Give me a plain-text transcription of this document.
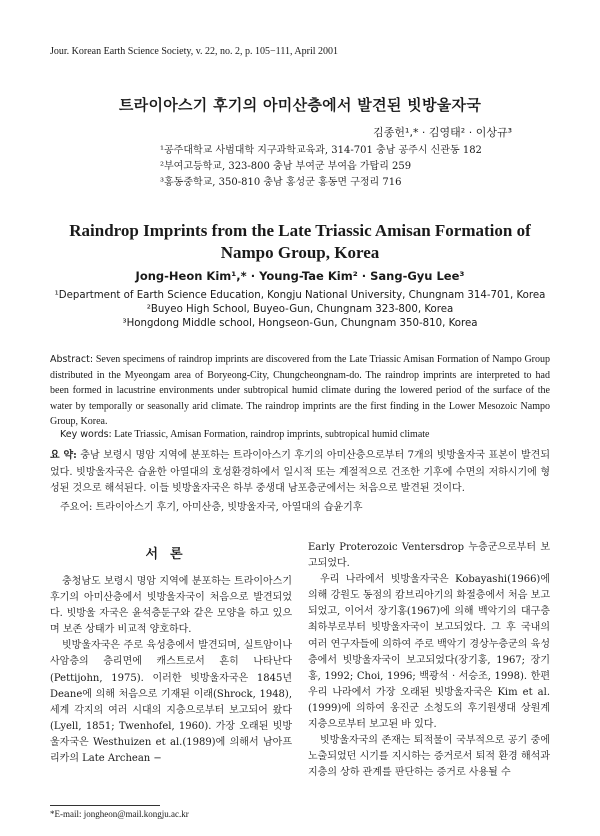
Jour. Korean Earth Science Society, v. 22, no. 2, p. 105−111, April 2001
트라이아스기 후기의 아미산층에서 발견된 빗방울자국
김종헌¹,* · 김영태² · 이상규³
¹공주대학교 사범대학 지구과학교육과, 314-701 충남 공주시 신관동 182
²부여고등학교, 323-800 충남 부여군 부여읍 가탑리 259
³홍동중학교, 350-810 충남 홍성군 홍동면 구정리 716
Raindrop Imprints from the Late Triassic Amisan Formation of
Nampo Group, Korea
Jong-Heon Kim¹,* · Young-Tae Kim² · Sang-Gyu Lee³
¹Department of Earth Science Education, Kongju National University, Chungnam 314-701, Korea
²Buyeo High School, Buyeo-Gun, Chungnam 323-800, Korea
³Hongdong Middle school, Hongseon-Gun, Chungnam 350-810, Korea
Abstract: Seven specimens of raindrop imprints are discovered from the Late Triassic Amisan Formation of Nampo Group distributed in the Myeongam area of Boryeong-City, Chungcheongnam-do. The raindrop imprints are interpreted to had been formed in lacustrine environments under subtropical humid climate during the lowered period of the surface of the water by temporally or seasonally arid climate. The raindrop imprints are the first finding in the Lower Mesozoic Nampo Group, Korea.
Key words: Late Triassic, Amisan Formation, raindrop imprints, subtropical humid climate
요 약: 충남 보령시 명암 지역에 분포하는 트라이아스기 후기의 아미산층으로부터 7개의 빗방울자국 표본이 발견되었다. 빗방울자국은 습윤한 아열대의 호성환경하에서 일시적 또는 계절적으로 건조한 기후에 수면의 저하시기에 형성된 것으로 해석된다. 이들 빗방울자국은 하부 중생대 남포층군에서는 처음으로 발견된 것이다.
주요어: 트라이아스기 후기, 아미산층, 빗방울자국, 아열대의 습윤기후
서론

충청남도 보령시 명암 지역에 분포하는 트라이아스기 후기의 아미산층에서 빗방울자국이 처음으로 발견되었다. 빗방울 자국은 윤석층둔구와 같은 모양을 하고 있으며 보존 상태가 비교적 양호하다.

빗방울자국은 주로 육성층에서 발견되며, 실트암이나 사암층의 층리면에 캐스트로서 흔히 나타난다(Pettijohn, 1975). 이러한 빗방울자국은 1845년 Deane에 의해 처음으로 기재된 이래(Shrock, 1948), 세계 각지의 여러 시대의 지층으로부터 보고되어 왔다(Lyell, 1851; Twenhofel, 1960). 가장 오래된 빗방울자국은 Westhuizen et al.(1989)에 의해서 남아프리카의 Late Archean −

Early Proterozoic Ventersdrop 누층군으로부터 보고되었다.

우리 나라에서 빗방울자국은 Kobayashi(1966)에 의해 강원도 동점의 캄브리아기의 화절층에서 처음 보고되었고, 이어서 장기홍(1967)에 의해 백악기의 대구층 최하부로부터 빗방울자국이 보고되었다. 그 후 국내의 여러 연구자들에 의하여 주로 백악기 경상누층군의 육성층에서 빗방울자국이 보고되었다(장기홍, 1967; 장기홍, 1992; Choi, 1996; 백광석 · 서승조, 1998). 한편 우리 나라에서 가장 오래된 빗방울자국은 Kim et al.(1999)에 의하여 옹진군 소청도의 후기원생대 상원계 지층으로부터 보고된 바 있다.

빗방울자국의 존재는 퇴적물이 국부적으로 공기 중에 노출되었던 시기를 지시하는 증거로서 퇴적 환경 해석과 지층의 상하 관계를 판단하는 증거로 사용될 수

*E-mail: jongheon@mail.kongju.ac.kr
